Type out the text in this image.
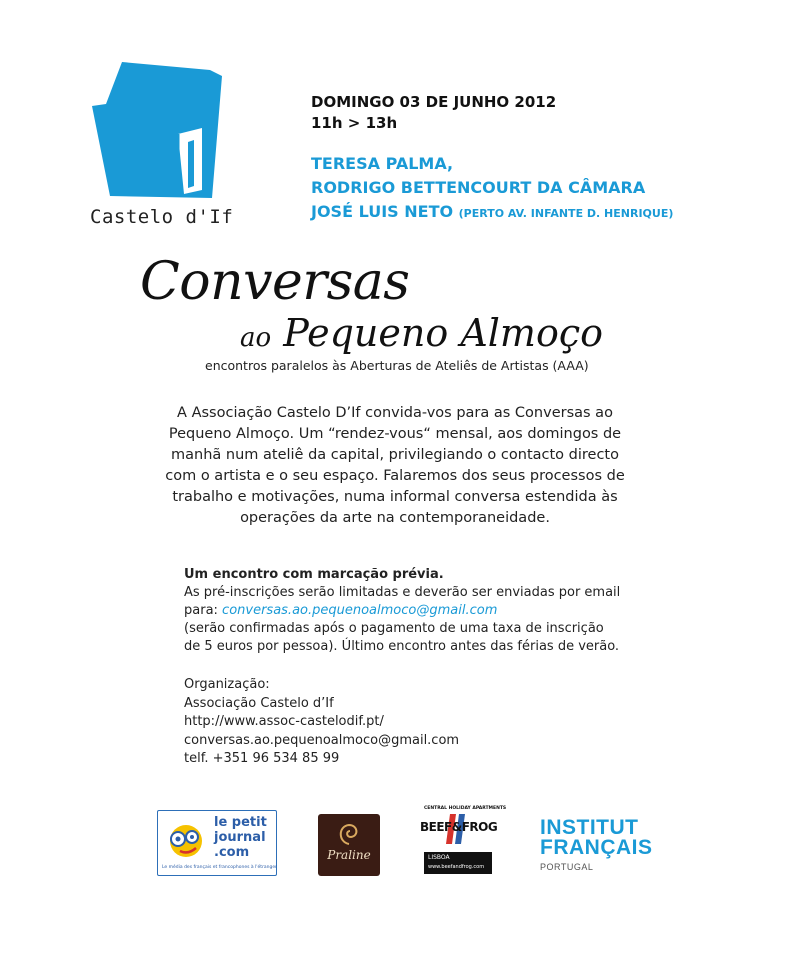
Castelo d'If
DOMINGO 03 DE JUNHO 2012
11h > 13h
TERESA PALMA,
RODRIGO BETTENCOURT DA CÂMARA
JOSÉ LUIS NETO (PERTO AV. INFANTE D. HENRIQUE)
Conversas
ao Pequeno Almoço
encontros paralelos às Aberturas de Ateliês de Artistas (AAA)
A Associação Castelo D’If convida-vos para as Conversas ao
Pequeno Almoço. Um “rendez-vous“ mensal, aos domingos de
manhã num ateliê da capital, privilegiando o contacto directo
com o artista e o seu espaço. Falaremos dos seus processos de
trabalho e motivações, numa informal conversa estendida às
operações da arte na contemporaneidade.
Um encontro com marcação prévia.
As pré-inscrições serão limitadas e deverão ser enviadas por email
para: conversas.ao.pequenoalmoco@gmail.com
(serão confirmadas após o pagamento de uma taxa de inscrição
de 5 euros por pessoa). Último encontro antes das férias de verão.
Organização:
Associação Castelo d’If
http://www.assoc-castelodif.pt/
conversas.ao.pequenoalmoco@gmail.com
telf. +351 96 534 85 99
le petit
journal
.com
Le média des français et francophones à l'étranger
Praline
CENTRAL HOLIDAY APARTMENTS
BEEF&FROG
LISBOA
www.beefandfrog.com
INSTITUT
FRANÇAIS
PORTUGAL
